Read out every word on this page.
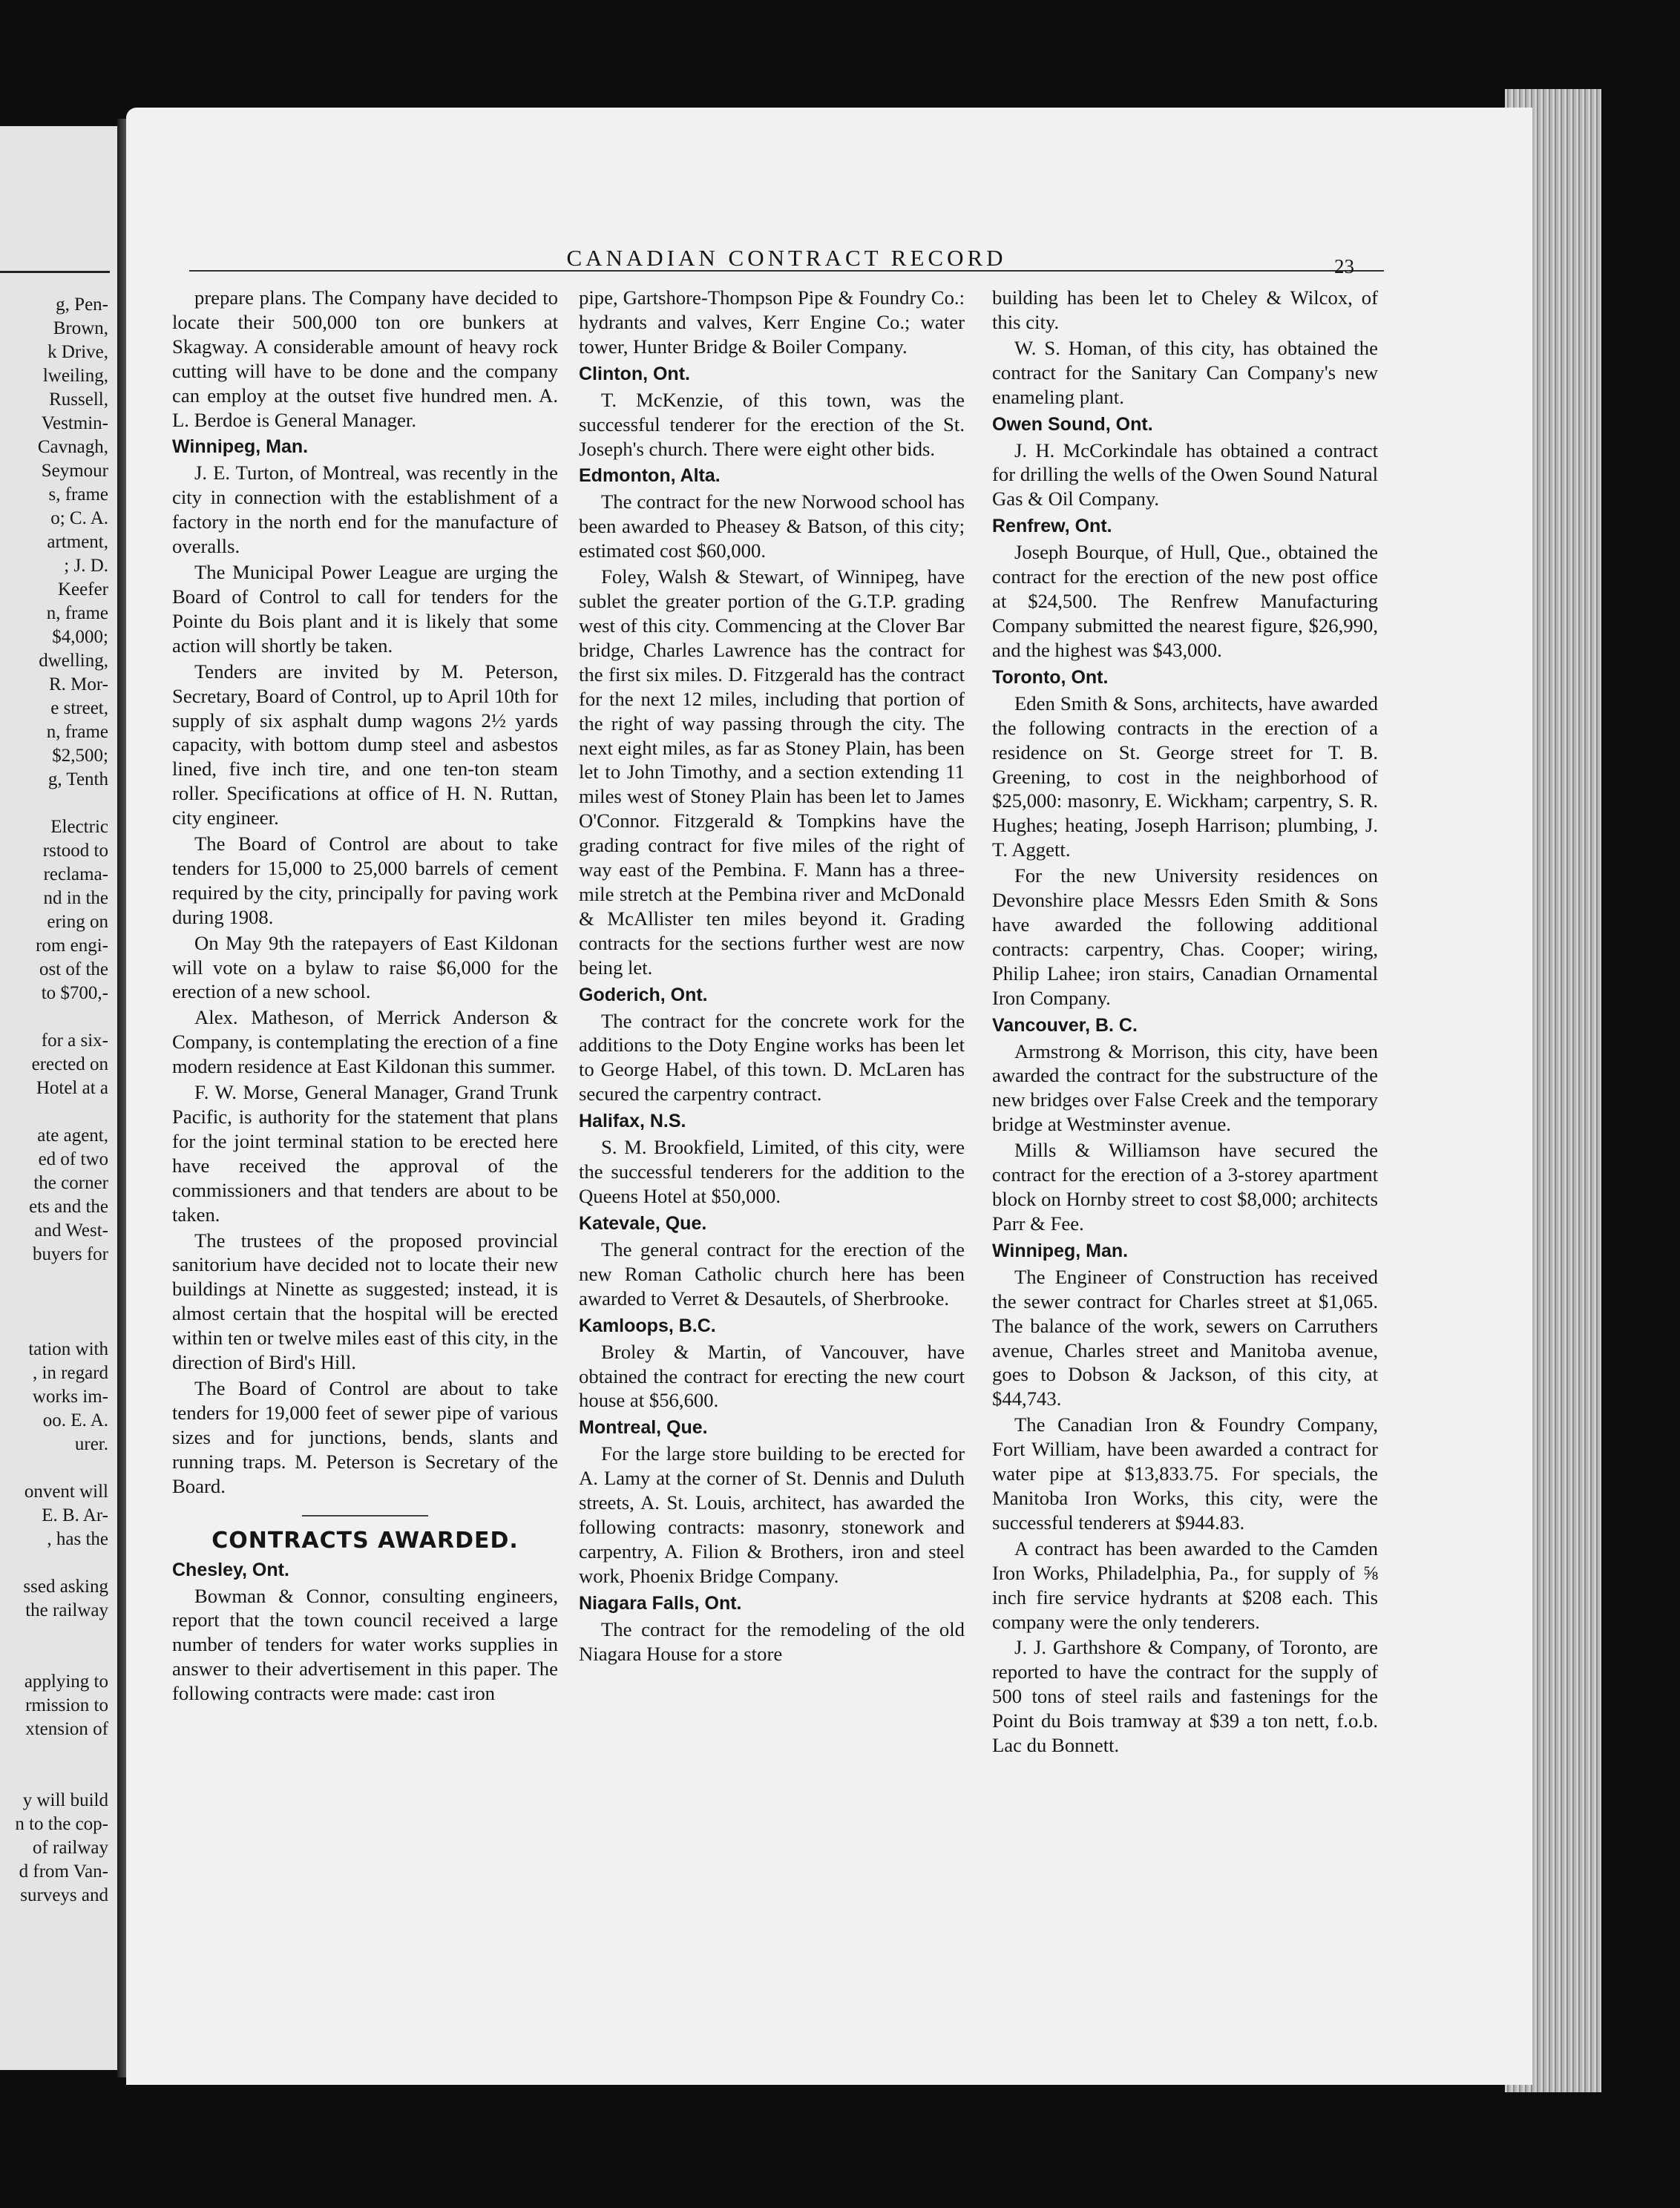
g, Pen-
Brown,
k Drive,
lweiling,
Russell,
Vestmin-
Cavnagh,
Seymour
s, frame
o; C. A.
artment,
; J. D.
Keefer
n, frame
$4,000;
dwelling,
R. Mor-
e street,
n, frame
$2,500;
g, Tenth
Electric
rstood to
reclama-
nd in the
ering on
rom engi-
ost of the
to $700,-
for a six-
erected on
Hotel at a
ate agent,
ed of two
the corner
ets and the
and West-
buyers for
tation with
, in regard
works im-
oo. E. A.
urer.
onvent will
E. B. Ar-
, has the
ssed asking
the railway
applying to
rmission to
xtension of
y will build
n to the cop-
of railway
d from Van-
surveys and
CANADIAN CONTRACT RECORD	23

prepare plans. The Company have decided to locate their 500,000 ton ore bunkers at Skagway. A considerable amount of heavy rock cutting will have to be done and the company can employ at the outset five hundred men. A. L. Berdoe is General Manager.

Winnipeg, Man.

J. E. Turton, of Montreal, was recently in the city in connection with the establishment of a factory in the north end for the manufacture of overalls.

The Municipal Power League are urging the Board of Control to call for tenders for the Pointe du Bois plant and it is likely that some action will shortly be taken.

Tenders are invited by M. Peterson, Secretary, Board of Control, up to April 10th for supply of six asphalt dump wagons 2½ yards capacity, with bottom dump steel and asbestos lined, five inch tire, and one ten-ton steam roller. Specifications at office of H. N. Ruttan, city engineer.

The Board of Control are about to take tenders for 15,000 to 25,000 barrels of cement required by the city, principally for paving work during 1908.

On May 9th the ratepayers of East Kildonan will vote on a bylaw to raise $6,000 for the erection of a new school.

Alex. Matheson, of Merrick Anderson & Company, is contemplating the erection of a fine modern residence at East Kildonan this summer.

F. W. Morse, General Manager, Grand Trunk Pacific, is authority for the statement that plans for the joint terminal station to be erected here have received the approval of the commissioners and that tenders are about to be taken.

The trustees of the proposed provincial sanitorium have decided not to locate their new buildings at Ninette as suggested; instead, it is almost certain that the hospital will be erected within ten or twelve miles east of this city, in the direction of Bird's Hill.

The Board of Control are about to take tenders for 19,000 feet of sewer pipe of various sizes and for junctions, bends, slants and running traps. M. Peterson is Secretary of the Board.

CONTRACTS AWARDED.
Chesley, Ont.

Bowman & Connor, consulting engineers, report that the town council received a large number of tenders for water works supplies in answer to their advertisement in this paper. The following contracts were made: cast iron

pipe, Gartshore-Thompson Pipe & Foundry Co.: hydrants and valves, Kerr Engine Co.; water tower, Hunter Bridge & Boiler Company.

Clinton, Ont.

T. McKenzie, of this town, was the successful tenderer for the erection of the St. Joseph's church. There were eight other bids.

Edmonton, Alta.

The contract for the new Norwood school has been awarded to Pheasey & Batson, of this city; estimated cost $60,000.

Foley, Walsh & Stewart, of Winnipeg, have sublet the greater portion of the G.T.P. grading west of this city. Commencing at the Clover Bar bridge, Charles Lawrence has the contract for the first six miles. D. Fitzgerald has the contract for the next 12 miles, including that portion of the right of way passing through the city. The next eight miles, as far as Stoney Plain, has been let to John Timothy, and a section extending 11 miles west of Stoney Plain has been let to James O'Connor. Fitzgerald & Tompkins have the grading contract for five miles of the right of way east of the Pembina. F. Mann has a three-mile stretch at the Pembina river and McDonald & McAllister ten miles beyond it. Grading contracts for the sections further west are now being let.

Goderich, Ont.

The contract for the concrete work for the additions to the Doty Engine works has been let to George Habel, of this town. D. McLaren has secured the carpentry contract.

Halifax, N.S.

S. M. Brookfield, Limited, of this city, were the successful tenderers for the addition to the Queens Hotel at $50,000.

Katevale, Que.

The general contract for the erection of the new Roman Catholic church here has been awarded to Verret & Desautels, of Sherbrooke.

Kamloops, B.C.

Broley & Martin, of Vancouver, have obtained the contract for erecting the new court house at $56,600.

Montreal, Que.

For the large store building to be erected for A. Lamy at the corner of St. Dennis and Duluth streets, A. St. Louis, architect, has awarded the following contracts: masonry, stonework and carpentry, A. Filion & Brothers, iron and steel work, Phoenix Bridge Company.

Niagara Falls, Ont.

The contract for the remodeling of the old Niagara House for a store

building has been let to Cheley & Wilcox, of this city.

W. S. Homan, of this city, has obtained the contract for the Sanitary Can Company's new enameling plant.

Owen Sound, Ont.

J. H. McCorkindale has obtained a contract for drilling the wells of the Owen Sound Natural Gas & Oil Company.

Renfrew, Ont.

Joseph Bourque, of Hull, Que., obtained the contract for the erection of the new post office at $24,500. The Renfrew Manufacturing Company submitted the nearest figure, $26,990, and the highest was $43,000.

Toronto, Ont.

Eden Smith & Sons, architects, have awarded the following contracts in the erection of a residence on St. George street for T. B. Greening, to cost in the neighborhood of $25,000: masonry, E. Wickham; carpentry, S. R. Hughes; heating, Joseph Harrison; plumbing, J. T. Aggett.

For the new University residences on Devonshire place Messrs Eden Smith & Sons have awarded the following additional contracts: carpentry, Chas. Cooper; wiring, Philip Lahee; iron stairs, Canadian Ornamental Iron Company.

Vancouver, B. C.

Armstrong & Morrison, this city, have been awarded the contract for the substructure of the new bridges over False Creek and the temporary bridge at Westminster avenue.

Mills & Williamson have secured the contract for the erection of a 3-storey apartment block on Hornby street to cost $8,000; architects Parr & Fee.

Winnipeg, Man.

The Engineer of Construction has received the sewer contract for Charles street at $1,065. The balance of the work, sewers on Carruthers avenue, Charles street and Manitoba avenue, goes to Dobson & Jackson, of this city, at $44,743.

The Canadian Iron & Foundry Company, Fort William, have been awarded a contract for water pipe at $13,833.75. For specials, the Manitoba Iron Works, this city, were the successful tenderers at $944.83.

A contract has been awarded to the Camden Iron Works, Philadelphia, Pa., for supply of ⅝ inch fire service hydrants at $208 each. This company were the only tenderers.

J. J. Garthshore & Company, of Toronto, are reported to have the contract for the supply of 500 tons of steel rails and fastenings for the Point du Bois tramway at $39 a ton nett, f.o.b. Lac du Bonnett.
